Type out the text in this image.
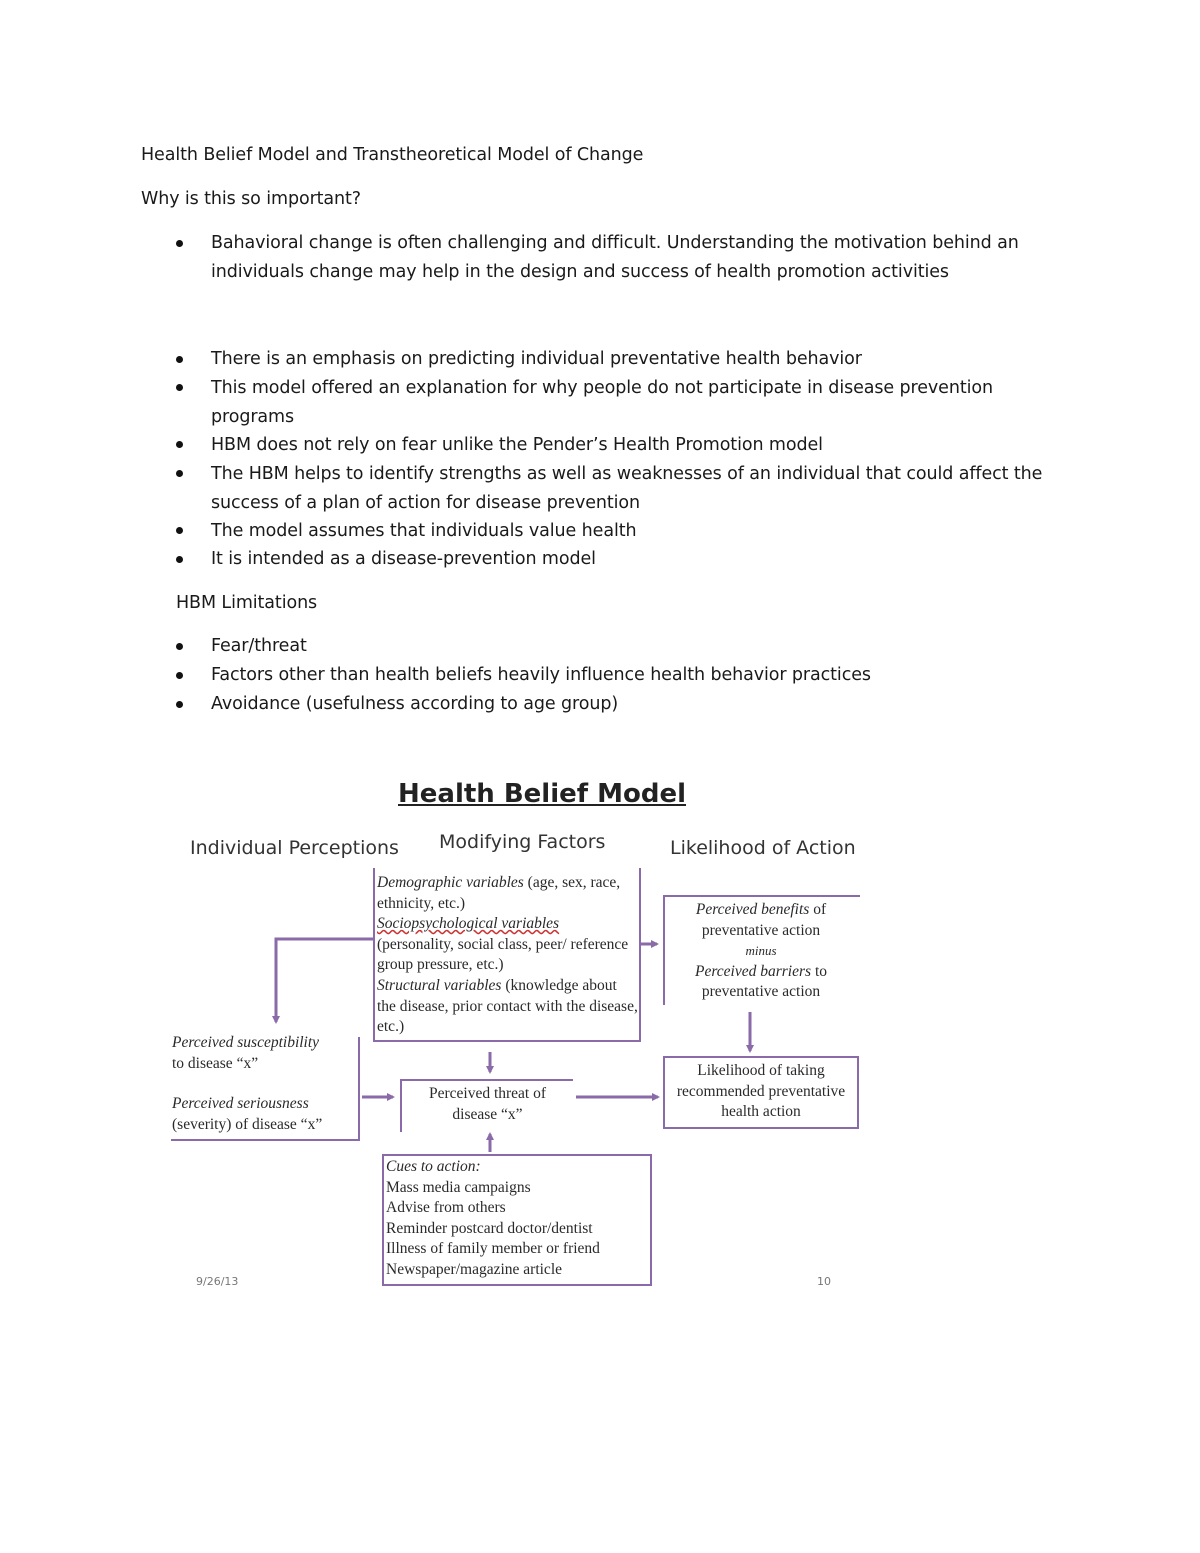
Health Belief Model and Transtheoretical Model of Change
Why is this so important?
Bahavioral change is often challenging and difficult. Understanding the motivation behind an individuals change may help in the design and success of health promotion activities
There is an emphasis on predicting individual preventative health behavior
This model offered an explanation for why people do not participate in disease prevention programs
HBM does not rely on fear unlike the Pender’s Health Promotion model
The HBM helps to identify strengths as well as weaknesses of an individual that could affect the success of a plan of action for disease prevention
The model assumes that individuals value health
It is intended as a disease-prevention model
HBM Limitations
Fear/threat
Factors other than health beliefs heavily influence health behavior practices
Avoidance (usefulness according to age group)
Health Belief Model
Individual Perceptions Modifying Factors	Likelihood of Action
Demographic variables (age, sex, race, ethnicity, etc.)
Sociopsychological variables
(personality, social class, peer/ reference group pressure, etc.)
Structural variables (knowledge about the disease, prior contact with the disease, etc.)
Perceived benefits of
preventative action
minus
Perceived barriers to
preventative action
Perceived susceptibility
to disease “x”

Perceived seriousness
(severity) of disease “x”
Perceived threat of disease “x”
Likelihood of taking recommended preventative health action
Cues to action:
Mass media campaigns
Advise from others
Reminder postcard doctor/dentist
Illness of family member or friend
Newspaper/magazine article
9/26/13	10
